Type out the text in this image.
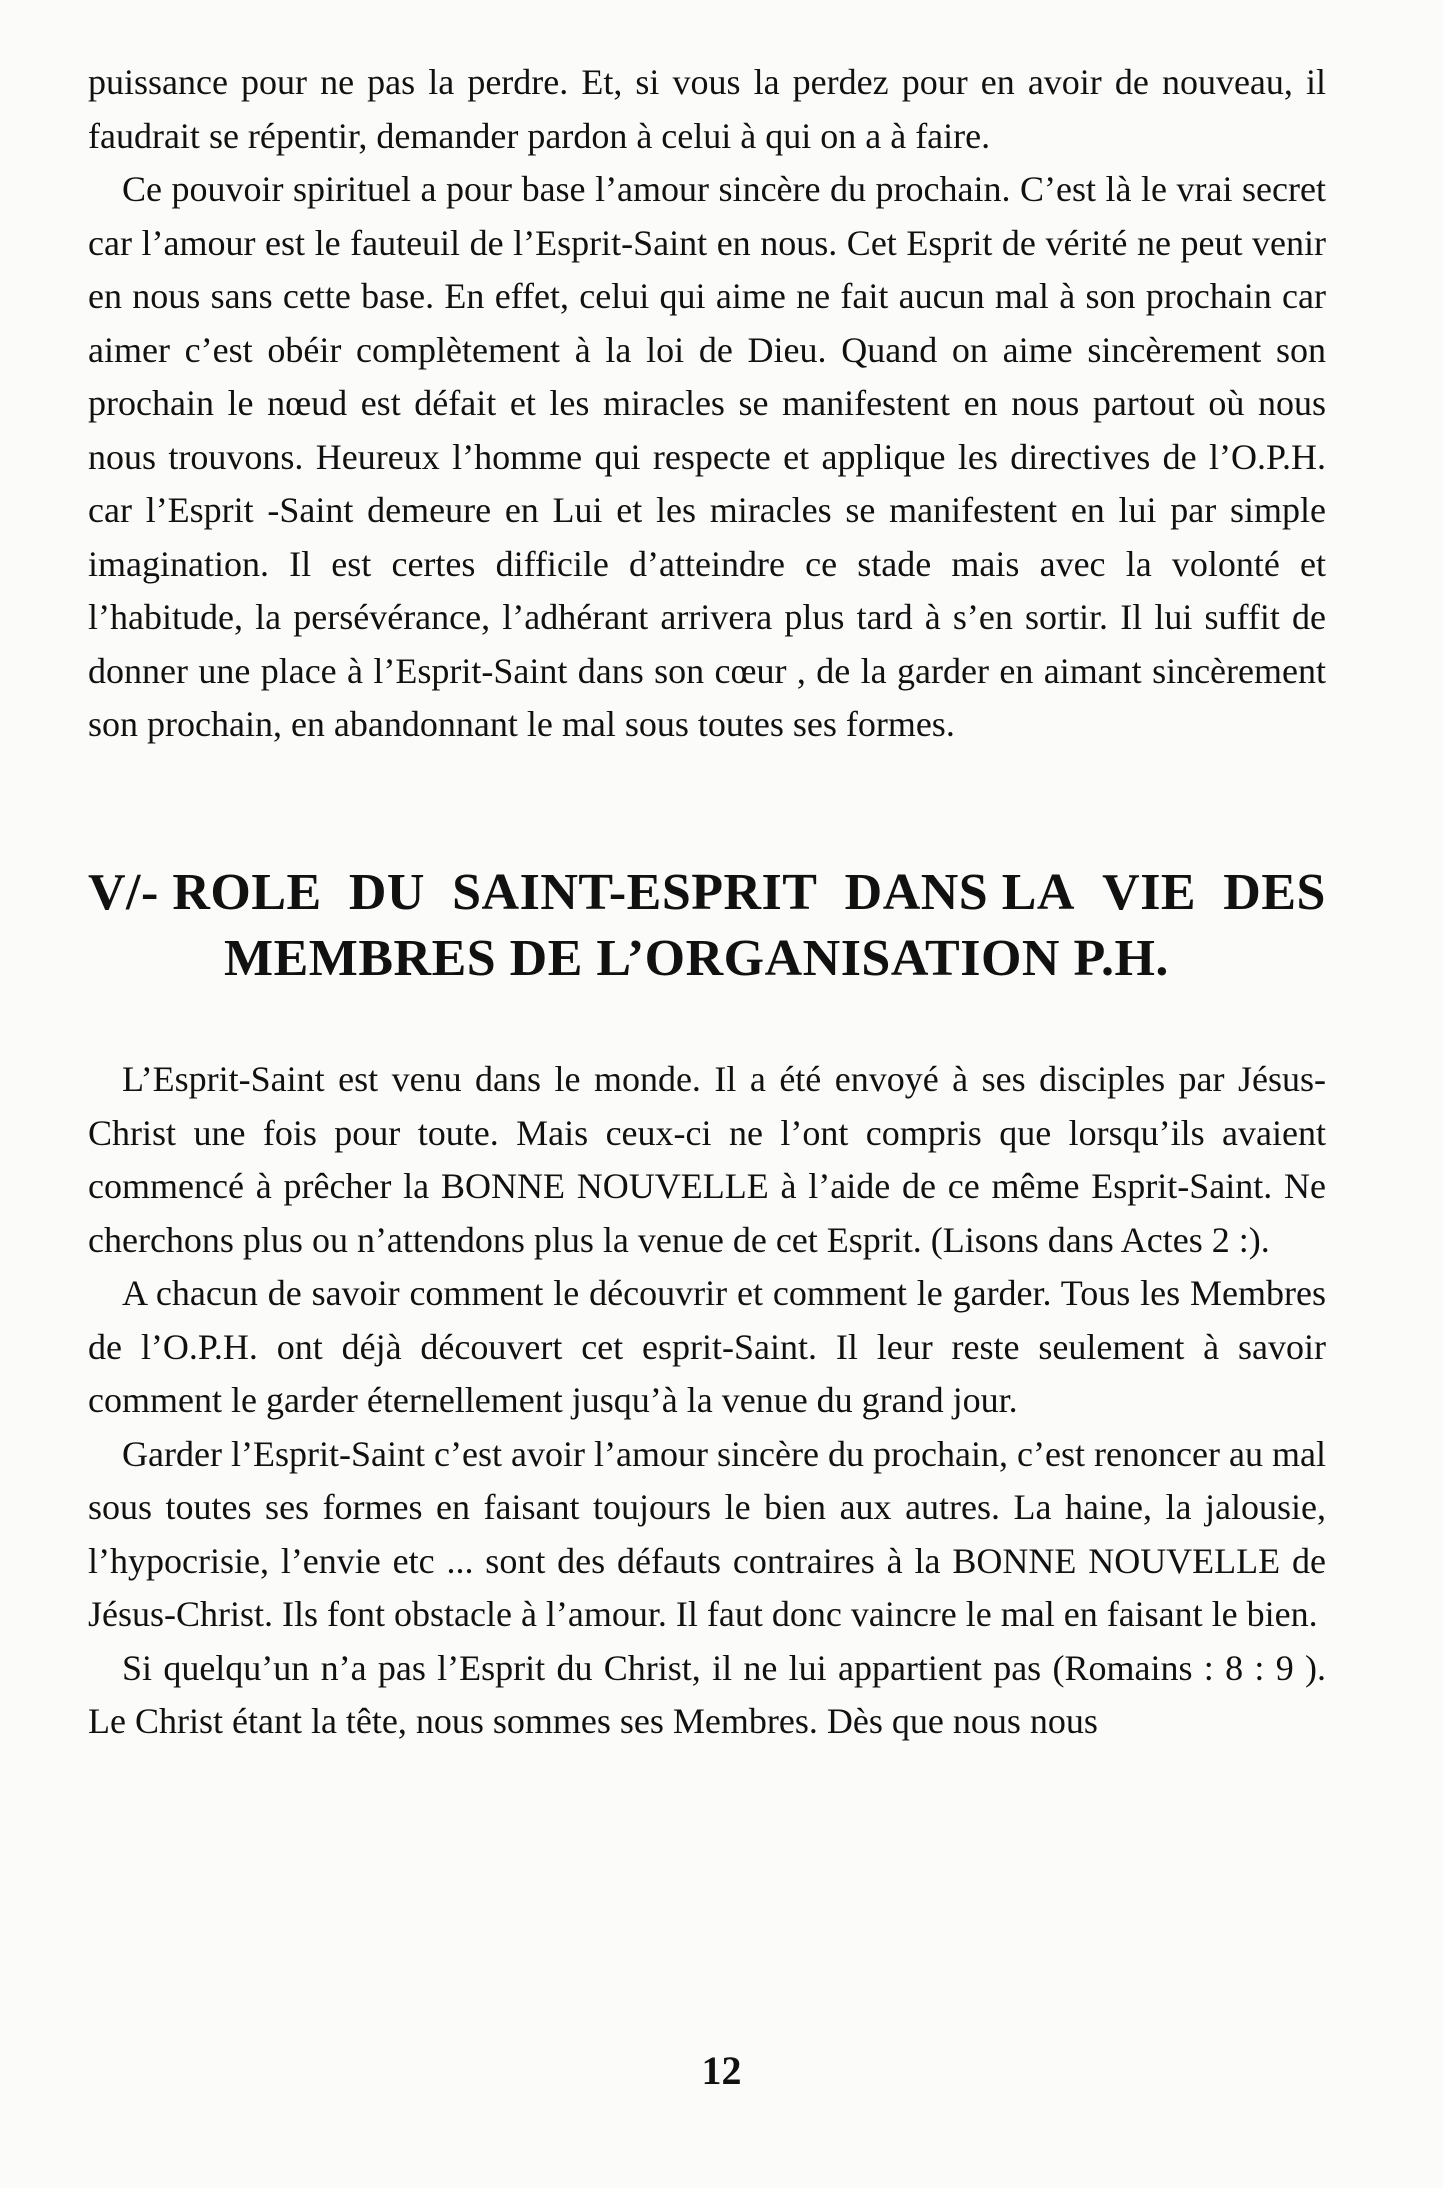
puissance pour ne pas la perdre. Et, si vous la perdez pour en avoir de nouveau, il faudrait se répentir, demander pardon à celui à qui on a à faire.

Ce pouvoir spirituel a pour base l’amour sincère du prochain. C’est là le vrai secret car l’amour est le fauteuil de l’Esprit-Saint en nous. Cet Esprit de vérité ne peut venir en nous sans cette base. En effet, celui qui aime ne fait aucun mal à son prochain car aimer c’est obéir complètement à la loi de Dieu. Quand on aime sincèrement son prochain le nœud est défait et les miracles se manifestent en nous partout où nous nous trouvons. Heureux l’homme qui respecte et applique les directives de l’O.P.H. car l’Esprit -Saint demeure en Lui et les miracles se manifestent en lui par simple imagination. Il est certes difficile d’atteindre ce stade mais avec la volonté et l’habitude, la persévérance, l’adhérant arrivera plus tard à s’en sortir. Il lui suffit de donner une place à l’Esprit-Saint dans son cœur , de la garder en aimant sincèrement son prochain, en abandonnant le mal sous toutes ses formes.

V/- ROLE DU SAINT-ESPRIT DANS LA VIE DES
MEMBRES DE L’ORGANISATION P.H.

L’Esprit-Saint est venu dans le monde. Il a été envoyé à ses disciples par Jésus-Christ une fois pour toute. Mais ceux-ci ne l’ont compris que lorsqu’ils avaient commencé à prêcher la BONNE NOUVELLE à l’aide de ce même Esprit-Saint. Ne cherchons plus ou n’attendons plus la venue de cet Esprit. (Lisons dans Actes 2 :).

A chacun de savoir comment le découvrir et comment le garder. Tous les Membres de l’O.P.H. ont déjà découvert cet esprit-Saint. Il leur reste seulement à savoir comment le garder éternellement jusqu’à la venue du grand jour.

Garder l’Esprit-Saint c’est avoir l’amour sincère du prochain, c’est renoncer au mal sous toutes ses formes en faisant toujours le bien aux autres. La haine, la jalousie, l’hypocrisie, l’envie etc ... sont des défauts contraires à la BONNE NOUVELLE de Jésus-Christ. Ils font obstacle à l’amour. Il faut donc vaincre le mal en faisant le bien.

Si quelqu’un n’a pas l’Esprit du Christ, il ne lui appartient pas (Romains : 8 : 9 ). Le Christ étant la tête, nous sommes ses Membres. Dès que nous nous

12
